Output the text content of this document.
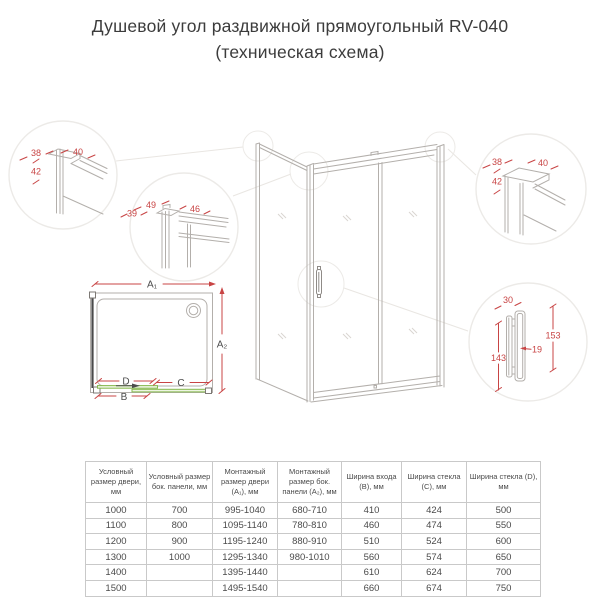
Душевой угол раздвижной прямоугольный RV-040
(техническая схема)
A₁
A₂
D	C
B
38	40
42
49
39	46
38	40
42
30
153
143
19
Условный размер двери, мм	Условный размер бок. панели, мм	Монтажный размер двери (A₁), мм	Монтажный размер бок. панели (A₂), мм	Ширина входа (B), мм	Ширина стекла (C), мм	Ширина стекла (D), мм
1000	700	995-1040	680-710	410	424	500
1100	800	1095-1140	780-810	460	474	550
1200	900	1195-1240	880-910	510	524	600
1300	1000	1295-1340	980-1010	560	574	650
1400		1395-1440		610	624	700
1500		1495-1540		660	674	750
